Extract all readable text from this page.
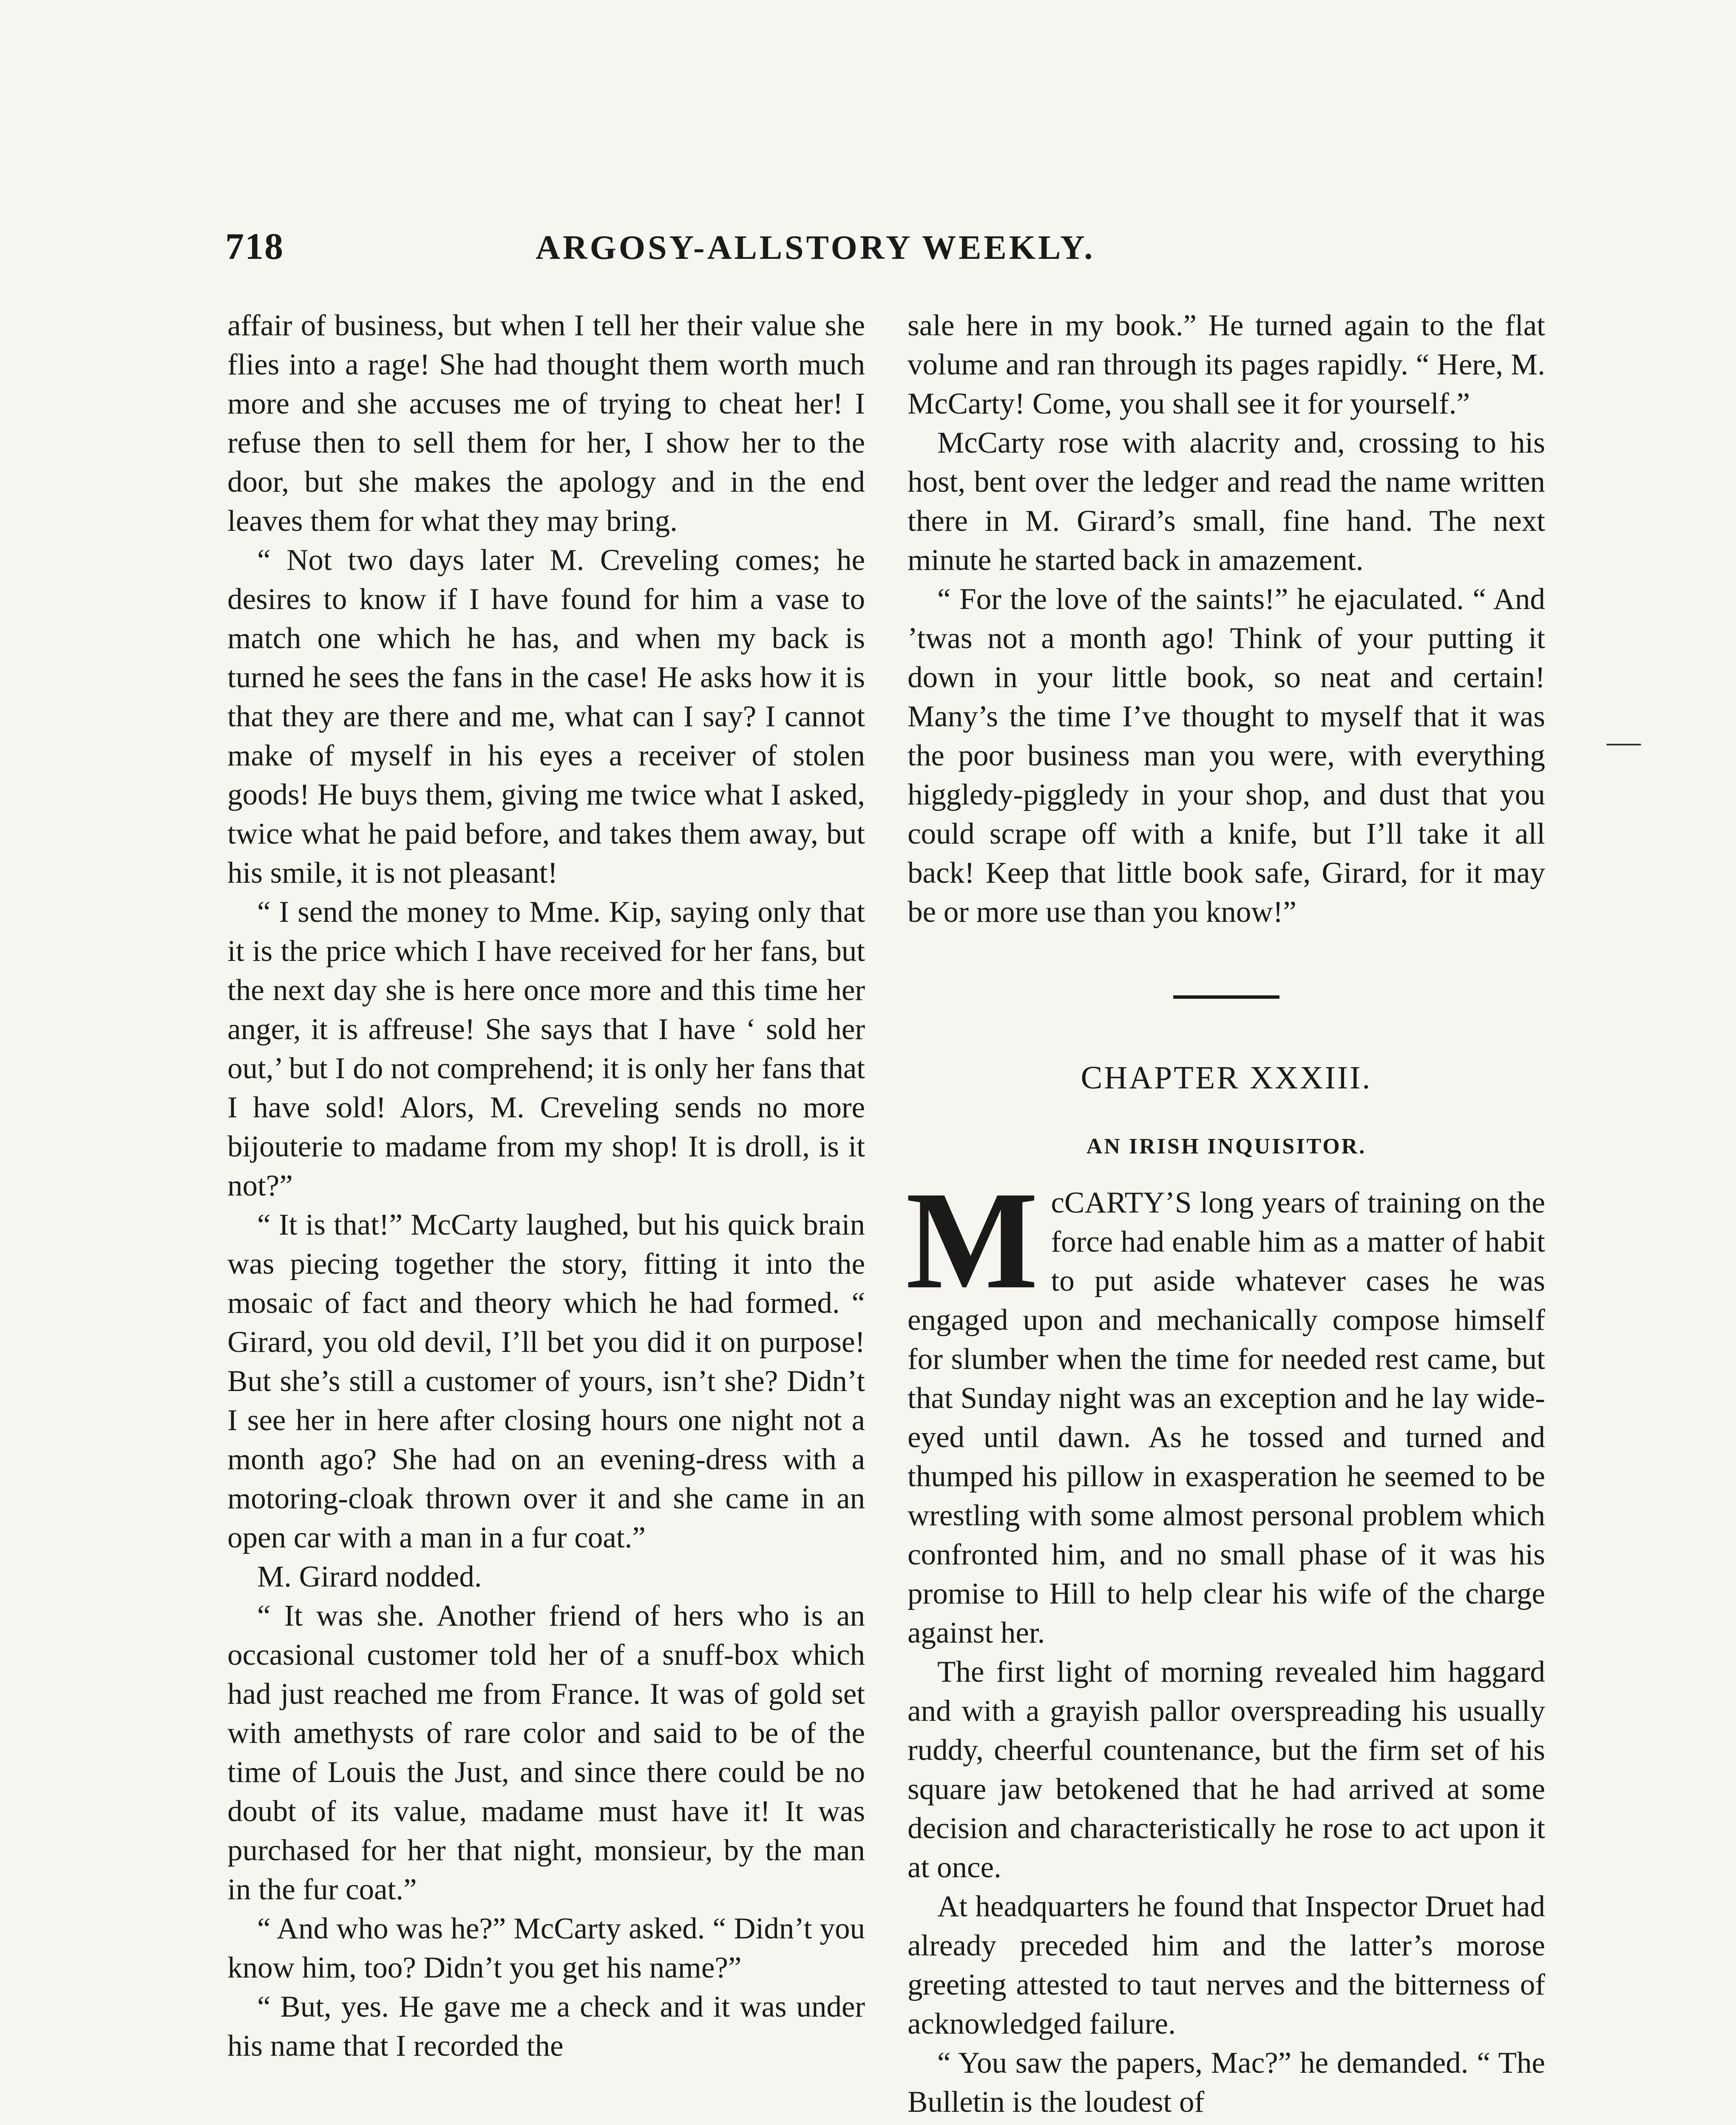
718	ARGOSY-ALLSTORY WEEKLY.

affair of business, but when I tell her their value she flies into a rage! She had thought them worth much more and she accuses me of trying to cheat her! I refuse then to sell them for her, I show her to the door, but she makes the apology and in the end leaves them for what they may bring.

“ Not two days later M. Creveling comes; he desires to know if I have found for him a vase to match one which he has, and when my back is turned he sees the fans in the case! He asks how it is that they are there and me, what can I say? I cannot make of myself in his eyes a receiver of stolen goods! He buys them, giving me twice what I asked, twice what he paid before, and takes them away, but his smile, it is not pleasant!

“ I send the money to Mme. Kip, saying only that it is the price which I have received for her fans, but the next day she is here once more and this time her anger, it is affreuse! She says that I have ‘ sold her out,’ but I do not comprehend; it is only her fans that I have sold! Alors, M. Creveling sends no more bijouterie to madame from my shop! It is droll, is it not?”

“ It is that!” McCarty laughed, but his quick brain was piecing together the story, fitting it into the mosaic of fact and theory which he had formed. “ Girard, you old devil, I’ll bet you did it on purpose! But she’s still a customer of yours, isn’t she? Didn’t I see her in here after closing hours one night not a month ago? She had on an evening-dress with a motoring-cloak thrown over it and she came in an open car with a man in a fur coat.”

M. Girard nodded.

“ It was she. Another friend of hers who is an occasional customer told her of a snuff-box which had just reached me from France. It was of gold set with amethysts of rare color and said to be of the time of Louis the Just, and since there could be no doubt of its value, madame must have it! It was purchased for her that night, monsieur, by the man in the fur coat.”

“ And who was he?” McCarty asked. “ Didn’t you know him, too? Didn’t you get his name?”

“ But, yes. He gave me a check and it was under his name that I recorded the

sale here in my book.” He turned again to the flat volume and ran through its pages rapidly. “ Here, M. McCarty! Come, you shall see it for yourself.”

McCarty rose with alacrity and, crossing to his host, bent over the ledger and read the name written there in M. Girard’s small, fine hand. The next minute he started back in amazement.

“ For the love of the saints!” he ejaculated. “ And ’twas not a month ago! Think of your putting it down in your little book, so neat and certain! Many’s the time I’ve thought to myself that it was the poor business man you were, with everything higgledy-piggledy in your shop, and dust that you could scrape off with a knife, but I’ll take it all back! Keep that little book safe, Girard, for it may be or more use than you know!”

CHAPTER XXXIII.
AN IRISH INQUISITOR.

McCARTY’S long years of training on the force had enable him as a matter of habit to put aside whatever cases he was engaged upon and mechanically compose himself for slumber when the time for needed rest came, but that Sunday night was an exception and he lay wide-eyed until dawn. As he tossed and turned and thumped his pillow in exasperation he seemed to be wrestling with some almost personal problem which confronted him, and no small phase of it was his promise to Hill to help clear his wife of the charge against her.

The first light of morning revealed him haggard and with a grayish pallor overspreading his usually ruddy, cheerful countenance, but the firm set of his square jaw betokened that he had arrived at some decision and characteristically he rose to act upon it at once.

At headquarters he found that Inspector Druet had already preceded him and the latter’s morose greeting attested to taut nerves and the bitterness of acknowledged failure.

“ You saw the papers, Mac?” he demanded. “ The Bulletin is the loudest of

—
